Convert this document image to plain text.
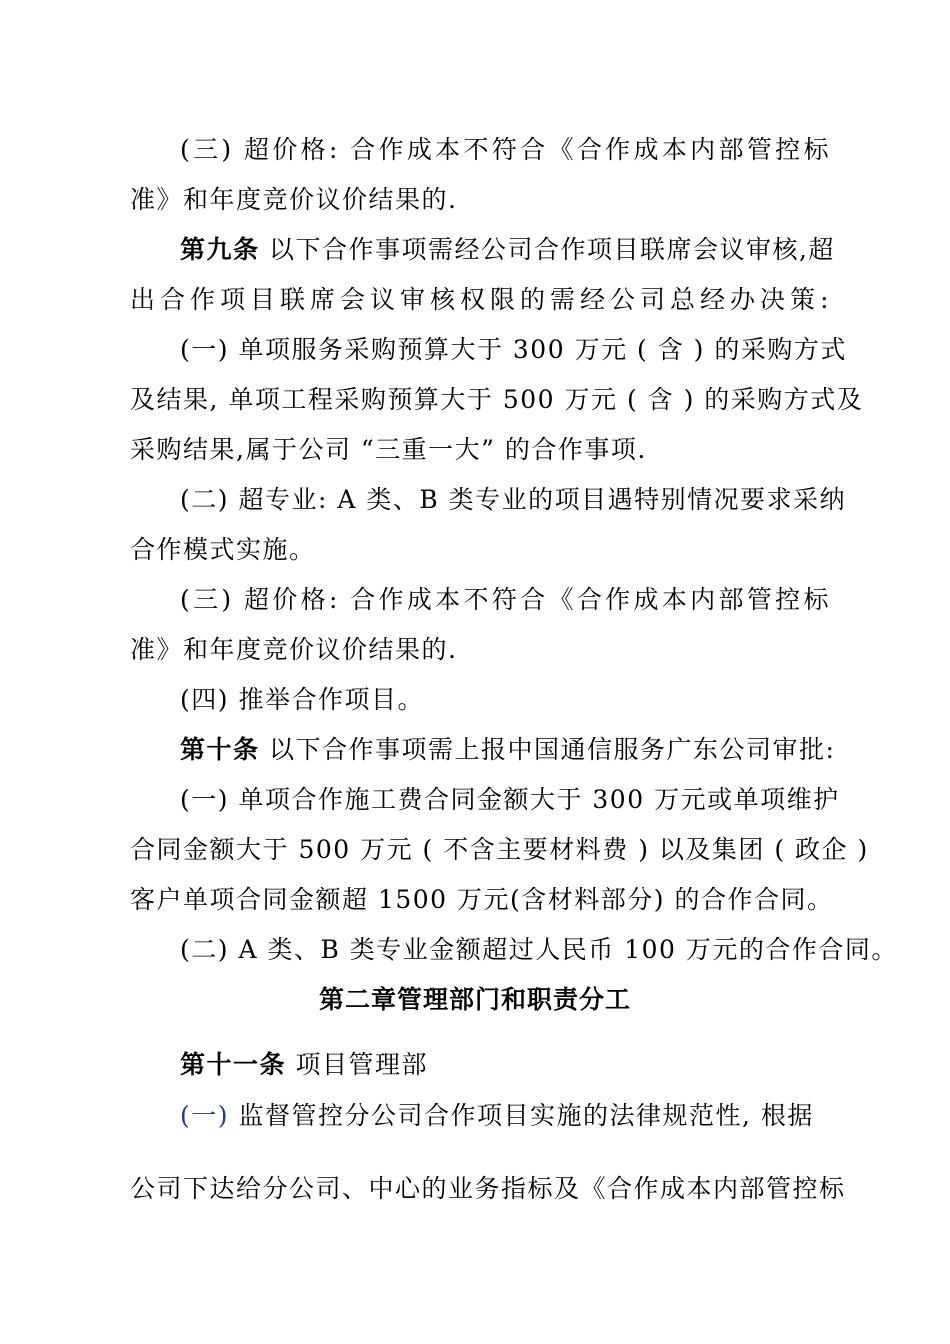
(三) 超价格: 合作成本不符合《合作成本内部管控标
准》和年度竞价议价结果的.
第九条 以下合作事项需经公司合作项目联席会议审核,超
出合作项目联席会议审核权限的需经公司总经办决策:
(一) 单项服务采购预算大于 300 万元 ( 含 ) 的采购方式
及结果, 单项工程采购预算大于 500 万元 ( 含 ) 的采购方式及
采购结果,属于公司 “三重一大” 的合作事项.
(二) 超专业: A 类、B 类专业的项目遇特别情况要求采纳
合作模式实施。
(三) 超价格: 合作成本不符合《合作成本内部管控标
准》和年度竞价议价结果的.
(四) 推举合作项目。
第十条 以下合作事项需上报中国通信服务广东公司审批:
(一) 单项合作施工费合同金额大于 300 万元或单项维护
合同金额大于 500 万元 ( 不含主要材料费 ) 以及集团 ( 政企 )
客户单项合同金额超 1500 万元(含材料部分) 的合作合同。
(二) A 类、B 类专业金额超过人民币 100 万元的合作合同。
第二章管理部门和职责分工
第十一条 项目管理部
(一) 监督管控分公司合作项目实施的法律规范性, 根据
公司下达给分公司、中心的业务指标及《合作成本内部管控标
